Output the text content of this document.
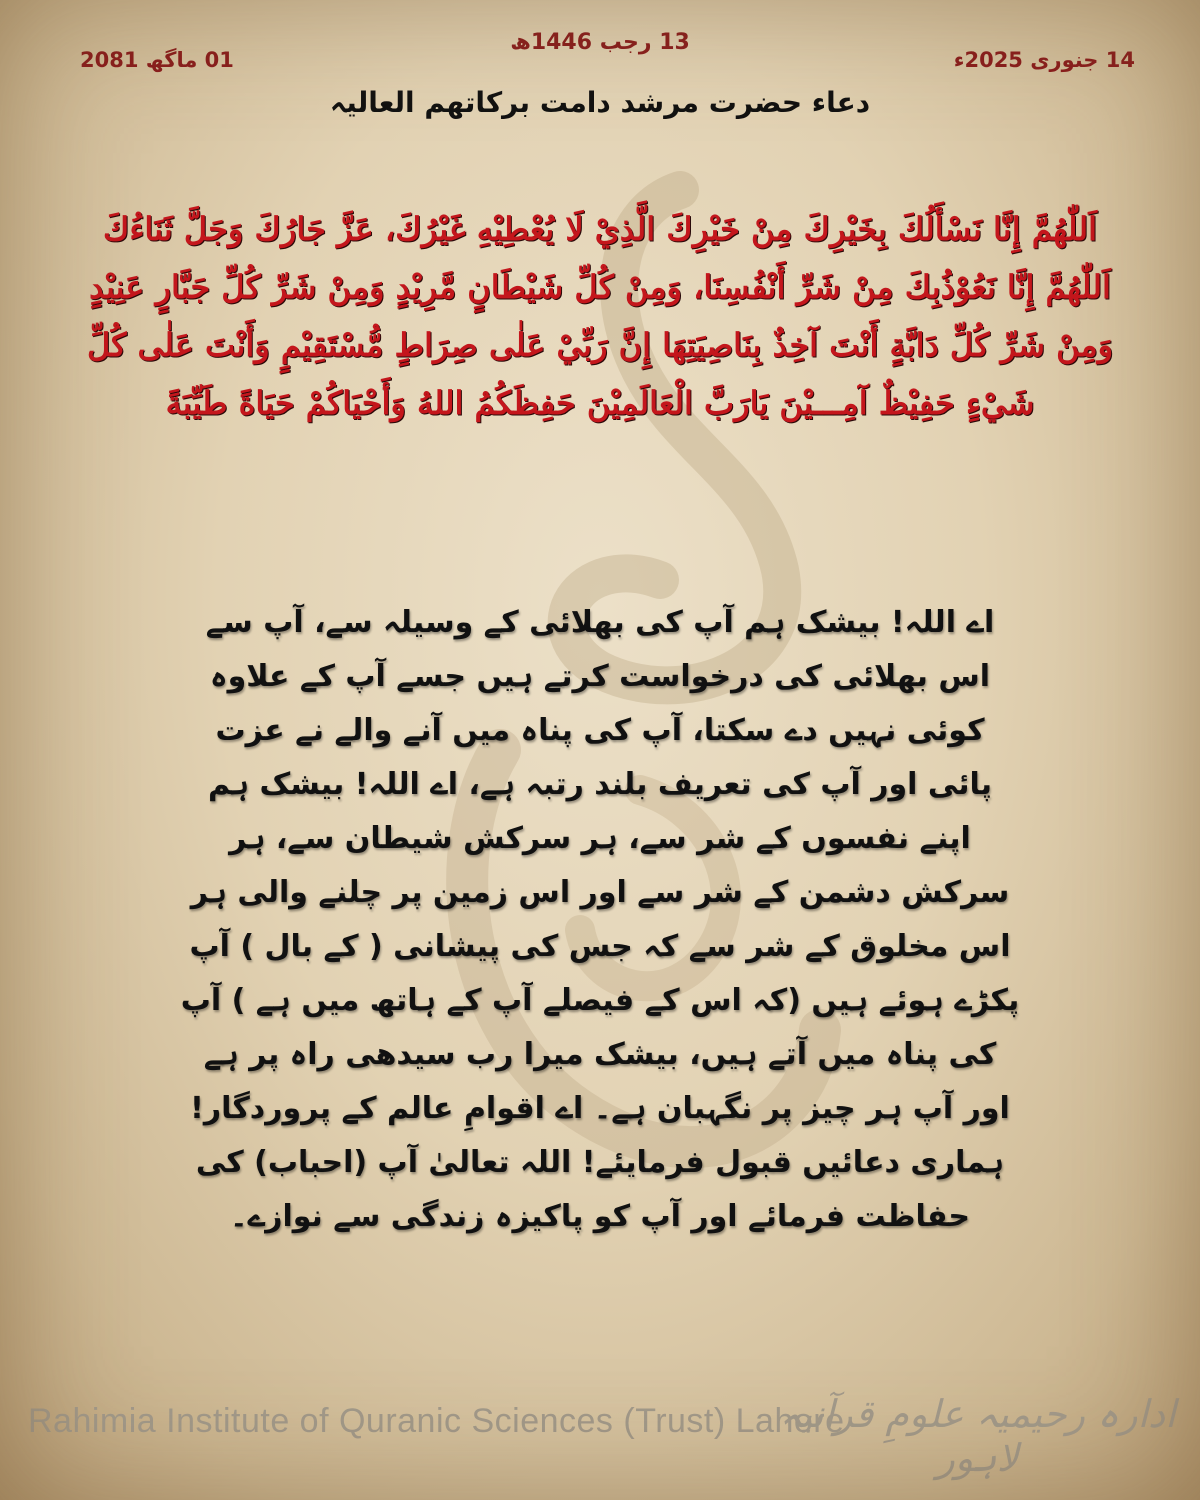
13 رجب 1446ھ
01 ماگھ 2081	14 جنوری 2025ء
دعاء حضرت مرشد دامت برکاتھم العالیہ
اَللّٰهُمَّ إِنَّا نَسْأَلُكَ بِخَيْرِكَ مِنْ خَيْرِكَ الَّذِيْ لَا يُعْطِيْهِ غَيْرُكَ، عَزَّ جَارُكَ وَجَلَّ ثَنَاءُكَ اَللّٰهُمَّ إِنَّا نَعُوْذُبِكَ مِنْ شَرِّ أَنْفُسِنَا، وَمِنْ كُلِّ شَيْطَانٍ مَّرِيْدٍ وَمِنْ شَرِّ كُلِّ جَبَّارٍ عَنِيْدٍ وَمِنْ شَرِّ كُلِّ دَابَّةٍ أَنْتَ آخِذٌ بِنَاصِيَتِهَا إِنَّ رَبِّيْ عَلٰى صِرَاطٍ مُّسْتَقِيْمٍ وَأَنْتَ عَلٰى كُلِّ شَيْءٍ حَفِيْظٌ آمِـــيْنَ يَارَبَّ الْعَالَمِيْنَ حَفِظَكُمُ اللهُ وَأَحْيَاكُمْ حَيَاةً طَيِّبَةً
اے اللہ! بیشک ہم آپ کی بھلائی کے وسیلہ سے، آپ سے اس بھلائی کی درخواست کرتے ہیں جسے آپ کے علاوہ کوئی نہیں دے سکتا، آپ کی پناہ میں آنے والے نے عزت پائی اور آپ کی تعریف بلند رتبہ ہے، اے اللہ! بیشک ہم اپنے نفسوں کے شر سے، ہر سرکش شیطان سے، ہر سرکش دشمن کے شر سے اور اس زمین پر چلنے والی ہر اس مخلوق کے شر سے کہ جس کی پیشانی ( کے بال ) آپ پکڑے ہوئے ہیں (کہ اس کے فیصلے آپ کے ہاتھ میں ہے ) آپ کی پناہ میں آتے ہیں، بیشک میرا رب سیدھی راہ پر ہے اور آپ ہر چیز پر نگہبان ہے۔ اے اقوامِ عالم کے پروردگار! ہماری دعائیں قبول فرمایئے! اللہ تعالیٰ آپ (احباب) کی حفاظت فرمائے اور آپ کو پاکیزہ زندگی سے نوازے۔
Rahimia Institute of Quranic Sciences (Trust) Lahore
ادارہ رحیمیہ علومِ قرآنیہ لاہور
